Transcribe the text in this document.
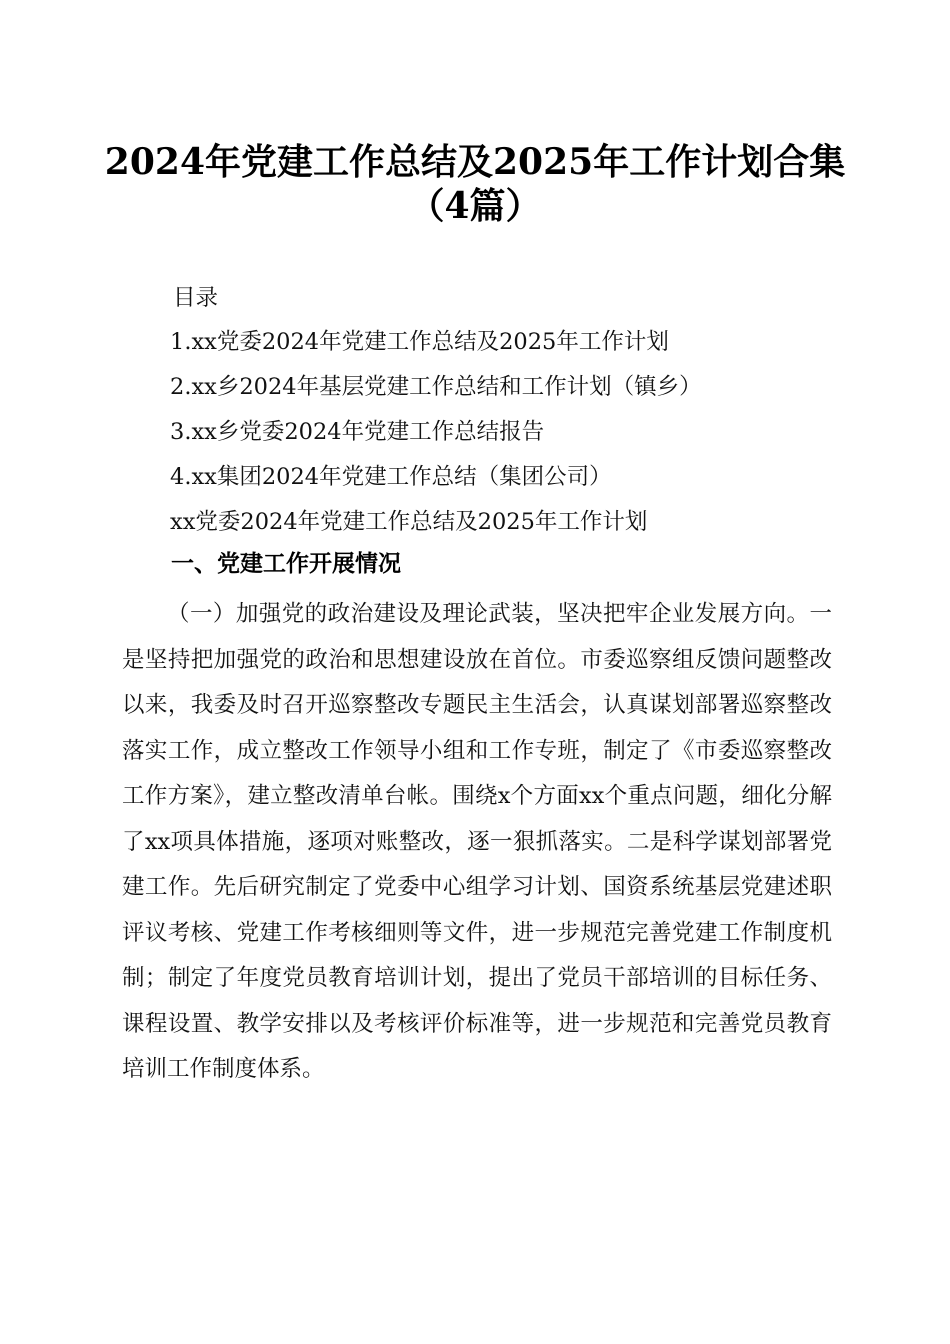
2024年党建工作总结及2025年工作计划合集
（4篇）
目录
1.xx党委2024年党建工作总结及2025年工作计划
2.xx乡2024年基层党建工作总结和工作计划（镇乡）
3.xx乡党委2024年党建工作总结报告
4.xx集团2024年党建工作总结（集团公司）
xx党委2024年党建工作总结及2025年工作计划
一、党建工作开展情况
（一）加强党的政治建设及理论武装，坚决把牢企业发展方向。一是坚持把加强党的政治和思想建设放在首位。市委巡察组反馈问题整改以来，我委及时召开巡察整改专题民主生活会，认真谋划部署巡察整改落实工作，成立整改工作领导小组和工作专班，制定了《市委巡察整改工作方案》，建立整改清单台帐。围绕x个方面xx个重点问题，细化分解了xx项具体措施，逐项对账整改，逐一狠抓落实。二是科学谋划部署党建工作。先后研究制定了党委中心组学习计划、国资系统基层党建述职评议考核、党建工作考核细则等文件，进一步规范完善党建工作制度机制；制定了年度党员教育培训计划，提出了党员干部培训的目标任务、课程设置、教学安排以及考核评价标准等，进一步规范和完善党员教育培训工作制度体系。
